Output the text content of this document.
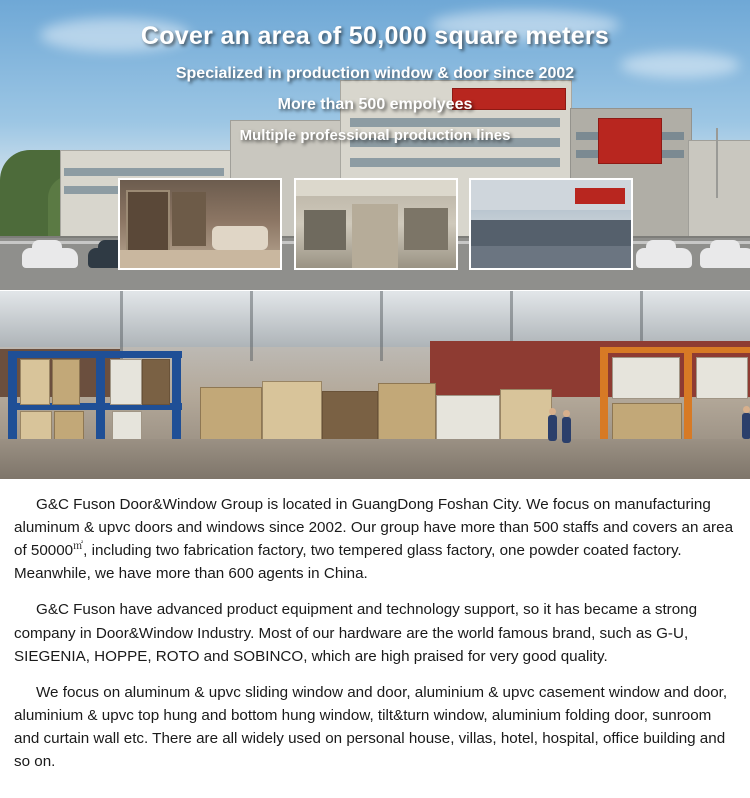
Cover an area of 50,000 square meters

Specialized in production window & door since 2002

More than 500 empolyees

Multiple professional production lines

G&C Fuson Door&Window Group is located in GuangDong Foshan City. We focus on manufacturing aluminum & upvc doors and windows since 2002. Our group have more than 500 staffs and covers an area of 50000㎡, including two fabrication factory, two tempered glass factory, one powder coated factory. Meanwhile, we have more than 600 agents in China.

G&C Fuson have advanced product equipment and technology support, so it has became a strong company in Door&Window Industry. Most of our hardware are the world famous brand, such as G-U, SIEGENIA, HOPPE, ROTO and SOBINCO, which are high praised for very good quality.

We focus on aluminum & upvc sliding window and door, aluminium & upvc casement window and door, aluminium & upvc top hung and bottom hung window, tilt&turn window, aluminium folding door, sunroom and curtain wall etc. There are all widely used on personal house, villas, hotel, hospital, office building and so on.
